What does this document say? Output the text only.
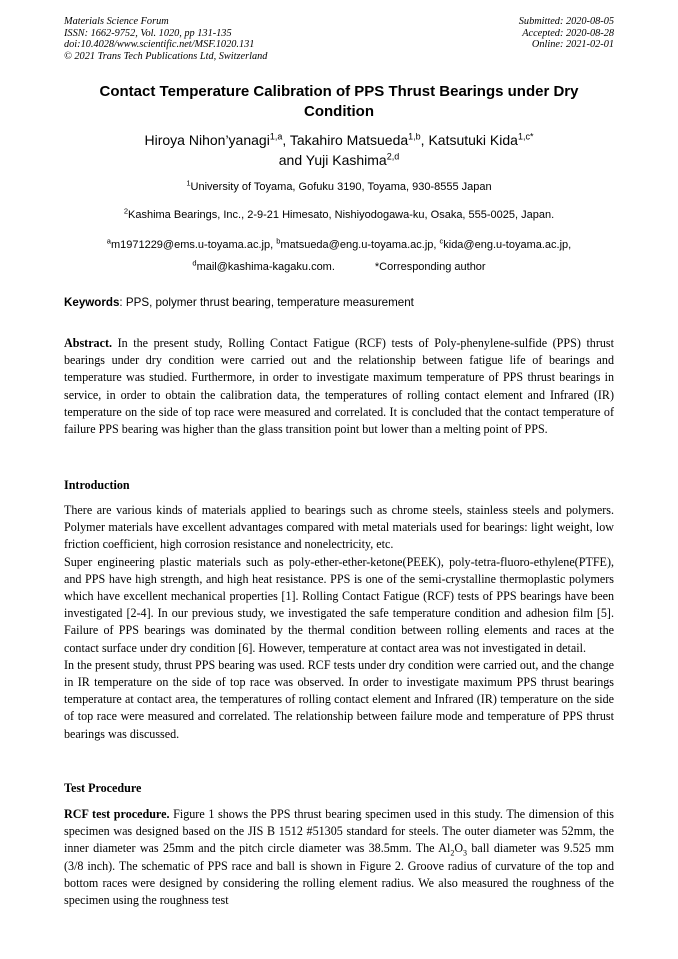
Materials Science Forum
ISSN: 1662-9752, Vol. 1020, pp 131-135
doi:10.4028/www.scientific.net/MSF.1020.131
© 2021 Trans Tech Publications Ltd, Switzerland
Submitted: 2020-08-05
Accepted: 2020-08-28
Online: 2021-02-01
Contact Temperature Calibration of PPS Thrust Bearings under Dry
Condition
Hiroya Nihon’yanagi$^{1,a}$, Takahiro Matsueda$^{1,b}$, Katsutuki Kida$^{1,c*}$
and Yuji Kashima$^{2,d}$
$^1$University of Toyama, Gofuku 3190, Toyama, 930-8555 Japan
$^2$Kashima Bearings, Inc., 2-9-21 Himesato, Nishiyodogawa-ku, Osaka, 555-0025, Japan.
$^a$m1971229@ems.u-toyama.ac.jp, $^b$matsueda@eng.u-toyama.ac.jp, $^c$kida@eng.u-toyama.ac.jp,
$^d$mail@kashima-kagaku.com.	*Corresponding author
Keywords: PPS, polymer thrust bearing, temperature measurement

Abstract. In the present study, Rolling Contact Fatigue (RCF) tests of Poly-phenylene-sulfide (PPS) thrust bearings under dry condition were carried out and the relationship between fatigue life of bearings and temperature was studied. Furthermore, in order to investigate maximum temperature of PPS thrust bearings in service, in order to obtain the calibration data, the temperatures of rolling contact element and Infrared (IR) temperature on the side of top race were measured and correlated. It is concluded that the contact temperature of failure PPS bearing was higher than the glass transition point but lower than a melting point of PPS.

Introduction

There are various kinds of materials applied to bearings such as chrome steels, stainless steels and polymers. Polymer materials have excellent advantages compared with metal materials used for bearings: light weight, low friction coefficient, high corrosion resistance and nonelectricity, etc.

Super engineering plastic materials such as poly-ether-ether-ketone(PEEK), poly-tetra-fluoro-ethylene(PTFE), and PPS have high strength, and high heat resistance. PPS is one of the semi-crystalline thermoplastic polymers which have excellent mechanical properties [1]. Rolling Contact Fatigue (RCF) tests of PPS bearings have been investigated [2-4]. In our previous study, we investigated the safe temperature condition and adhesion film [5]. Failure of PPS bearings was dominated by the thermal condition between rolling elements and races at the contact surface under dry condition [6]. However, temperature at contact area was not investigated in detail.

In the present study, thrust PPS bearing was used. RCF tests under dry condition were carried out, and the change in IR temperature on the side of top race was observed. In order to investigate maximum PPS thrust bearings temperature at contact area, the temperatures of rolling contact element and Infrared (IR) temperature on the side of top race were measured and correlated. The relationship between failure mode and temperature of PPS thrust bearings was discussed.

Test Procedure

RCF test procedure. Figure 1 shows the PPS thrust bearing specimen used in this study. The dimension of this specimen was designed based on the JIS B 1512 #51305 standard for steels. The outer diameter was 52mm, the inner diameter was 25mm and the pitch circle diameter was 38.5mm. The $Al_2O_3$ ball diameter was 9.525 mm (3/8 inch). The schematic of PPS race and ball is shown in Figure 2. Groove radius of curvature of the top and bottom races were designed by considering the rolling element radius. We also measured the roughness of the specimen using the roughness test
